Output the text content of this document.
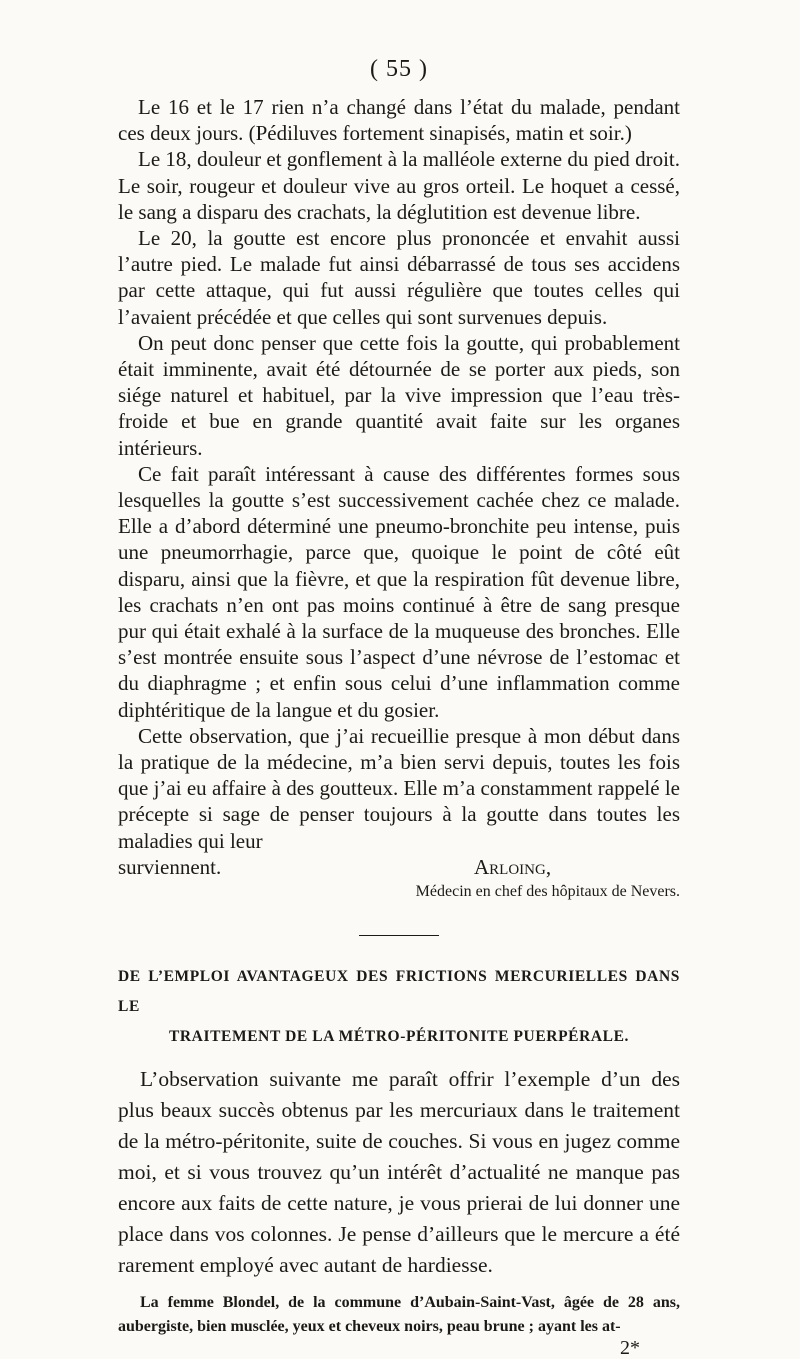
( 55 )

Le 16 et le 17 rien n’a changé dans l’état du malade, pendant ces deux jours. (Pédiluves fortement sinapisés, matin et soir.)

Le 18, douleur et gonflement à la malléole externe du pied droit. Le soir, rougeur et douleur vive au gros orteil. Le hoquet a cessé, le sang a disparu des crachats, la déglutition est devenue libre.

Le 20, la goutte est encore plus prononcée et envahit aussi l’autre pied. Le malade fut ainsi débarrassé de tous ses accidens par cette attaque, qui fut aussi régulière que toutes celles qui l’avaient précédée et que celles qui sont survenues depuis.

On peut donc penser que cette fois la goutte, qui probablement était imminente, avait été détournée de se porter aux pieds, son siége naturel et habituel, par la vive impression que l’eau très-froide et bue en grande quantité avait faite sur les organes intérieurs.

Ce fait paraît intéressant à cause des différentes formes sous lesquelles la goutte s’est successivement cachée chez ce malade. Elle a d’abord déterminé une pneumo-bronchite peu intense, puis une pneumorrhagie, parce que, quoique le point de côté eût disparu, ainsi que la fièvre, et que la respiration fût devenue libre, les crachats n’en ont pas moins continué à être de sang presque pur qui était exhalé à la surface de la muqueuse des bronches. Elle s’est montrée ensuite sous l’aspect d’une névrose de l’estomac et du diaphragme ; et enfin sous celui d’une inflammation comme diphtéritique de la langue et du gosier.

Cette observation, que j’ai recueillie presque à mon début dans la pratique de la médecine, m’a bien servi depuis, toutes les fois que j’ai eu affaire à des goutteux. Elle m’a constamment rappelé le précepte si sage de penser toujours à la goutte dans toutes les maladies qui leur

surviennent.	Arloing,
Médecin en chef des hôpitaux de Nevers.
DE L’EMPLOI AVANTAGEUX DES FRICTIONS MERCURIELLES DANS LE
TRAITEMENT DE LA MÉTRO-PÉRITONITE PUERPÉRALE.

L’observation suivante me paraît offrir l’exemple d’un des plus beaux succès obtenus par les mercuriaux dans le traitement de la métro-péritonite, suite de couches. Si vous en jugez comme moi, et si vous trouvez qu’un intérêt d’actualité ne manque pas encore aux faits de cette nature, je vous prierai de lui donner une place dans vos colonnes. Je pense d’ailleurs que le mercure a été rarement employé avec autant de hardiesse.

La femme Blondel, de la commune d’Aubain-Saint-Vast, âgée de 28 ans, aubergiste, bien musclée, yeux et cheveux noirs, peau brune ; ayant les at-

2*
